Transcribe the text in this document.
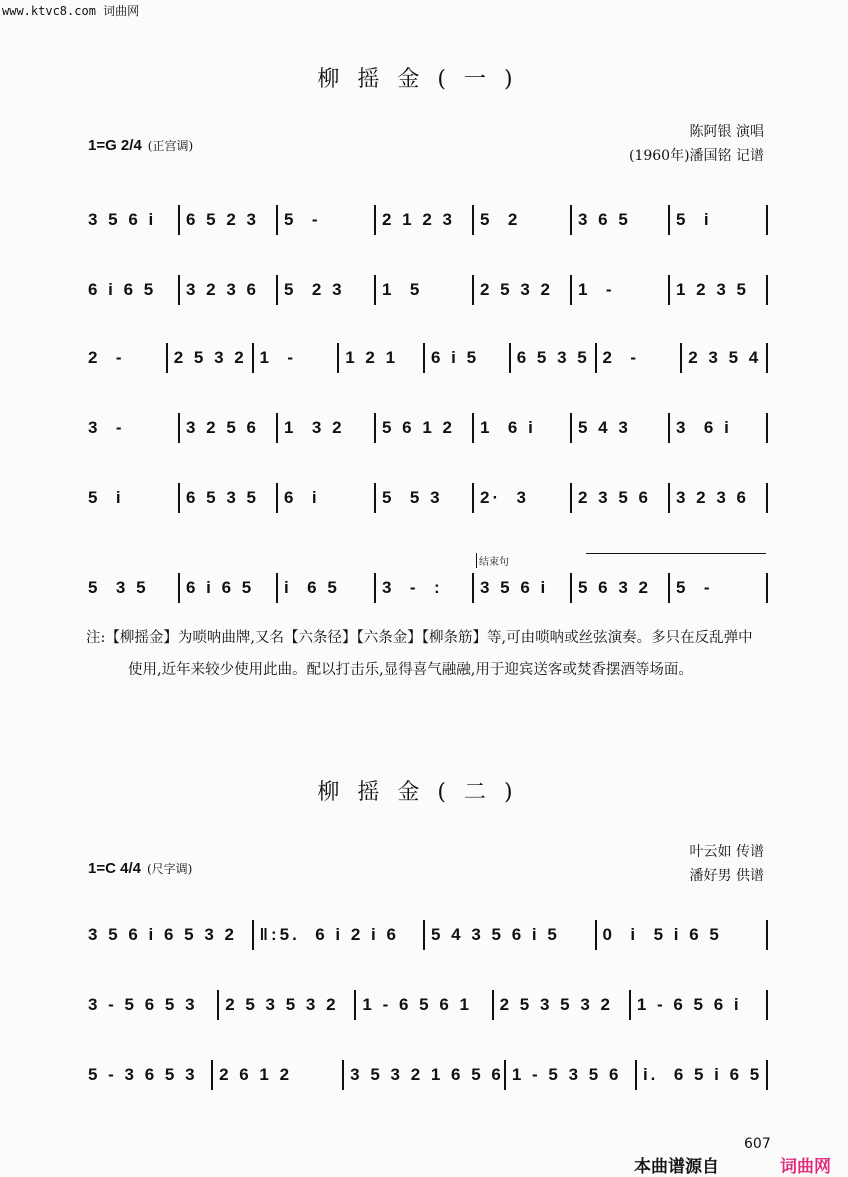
www.ktvc8.com 词曲网
柳摇金(一)
1=G 2/4 (正宫调)
陈阿银 演唱
(1960年)潘国铭 记谱
3 5 6 i	6 5 2 3	5  -	2 1 2 3	5  2	3 6 5	5  i
6 i 6 5	3 2 3 6	5  2 3	1  5	2 5 3 2	1  -	1 2 3 5
2  -	2 5 3 2 1  -	1 2 1	6 i 5	6 5 3 5 2  -	2 3 5 4
3  -	3 2 5 6	1  3 2	5 6 1 2	1  6 i	5 4 3	3  6 i
5  i	6 5 3 5	6  i	5  5 3	2·  3	2 3 5 6	3 2 3 6
5  3 5	6 i 6 5	i  6 5	3  -  :	3 5 6 i	5 6 3 2	5  -
结束句
注:【柳摇金】为唢呐曲牌,又名【六条径】【六条金】【柳条筋】等,可由唢呐或丝弦演奏。多只在反乱弹中使用,近年来较少使用此曲。配以打击乐,显得喜气融融,用于迎宾送客或焚香摆酒等场面。
柳摇金(二)
1=C 4/4 (尺字调)
叶云如 传谱
潘好男 供谱
3 5 6 i 6 5 3 2	‖:5.  6 i 2 i 6	5 4 3 5 6 i 5	0  i  5 i 6 5
3 - 5 6 5 3	2 5 3 5 3 2	1 - 6 5 6 1	2 5 3 5 3 2	1 - 6 5 6 i
5 - 3 6 5 3	2 6 1 2	3 5 3 2 1 6 5 6 1 - 5 3 5 6	i.  6 5 i 6 5
607
本曲谱源自	词曲网
